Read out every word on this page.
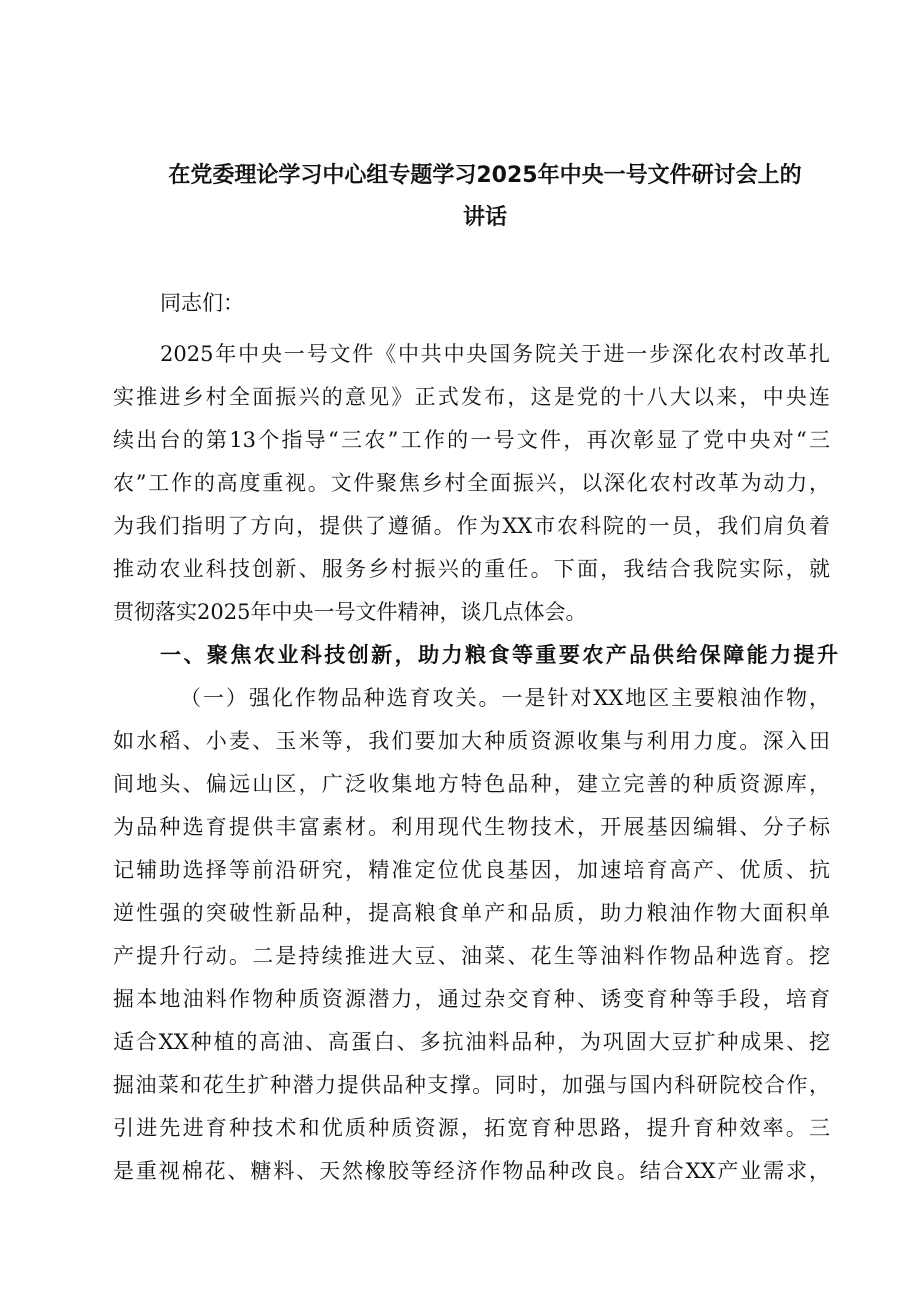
在党委理论学习中心组专题学习2025年中央一号文件研讨会上的
讲话
同志们：
2025年中央一号文件《中共中央国务院关于进一步深化农村改革扎
实推进乡村全面振兴的意见》正式发布，这是党的十八大以来，中央连
续出台的第13个指导“三农”工作的一号文件，再次彰显了党中央对“三
农”工作的高度重视。文件聚焦乡村全面振兴，以深化农村改革为动力，
为我们指明了方向，提供了遵循。作为XX市农科院的一员，我们肩负着
推动农业科技创新、服务乡村振兴的重任。下面，我结合我院实际，就
贯彻落实2025年中央一号文件精神，谈几点体会。
一、聚焦农业科技创新，助力粮食等重要农产品供给保障能力提升
（一）强化作物品种选育攻关。一是针对XX地区主要粮油作物，
如水稻、小麦、玉米等，我们要加大种质资源收集与利用力度。深入田
间地头、偏远山区，广泛收集地方特色品种，建立完善的种质资源库，
为品种选育提供丰富素材。利用现代生物技术，开展基因编辑、分子标
记辅助选择等前沿研究，精准定位优良基因，加速培育高产、优质、抗
逆性强的突破性新品种，提高粮食单产和品质，助力粮油作物大面积单
产提升行动。二是持续推进大豆、油菜、花生等油料作物品种选育。挖
掘本地油料作物种质资源潜力，通过杂交育种、诱变育种等手段，培育
适合XX种植的高油、高蛋白、多抗油料品种，为巩固大豆扩种成果、挖
掘油菜和花生扩种潜力提供品种支撑。同时，加强与国内科研院校合作，
引进先进育种技术和优质种质资源，拓宽育种思路，提升育种效率。三
是重视棉花、糖料、天然橡胶等经济作物品种改良。结合XX产业需求，
